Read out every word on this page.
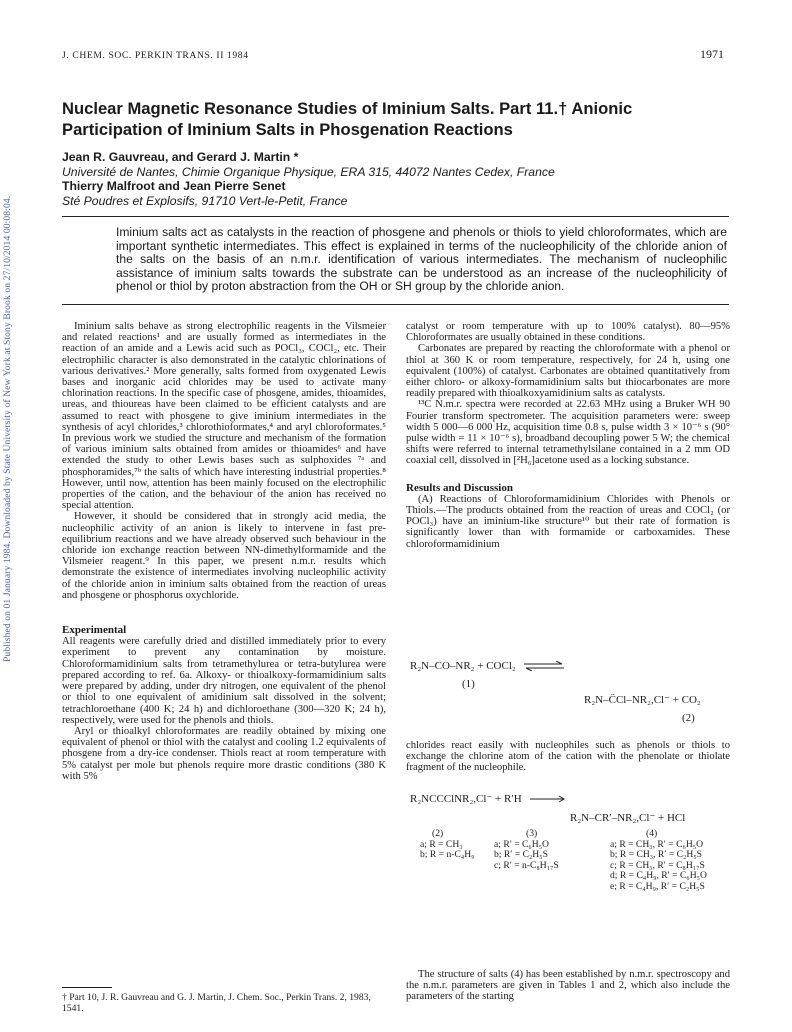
Published on 01 January 1984. Downloaded by State University of New York at Stony Brook on 27/10/2014 00:08:04.
J. CHEM. SOC. PERKIN TRANS. II 1984	1971
Nuclear Magnetic Resonance Studies of Iminium Salts. Part 11.† Anionic
Participation of Iminium Salts in Phosgenation Reactions
Jean R. Gauvreau, and Gerard J. Martin *
Université de Nantes, Chimie Organique Physique, ERA 315, 44072 Nantes Cedex, France
Thierry Malfroot and Jean Pierre Senet
Sté Poudres et Explosifs, 91710 Vert-le-Petit, France
Iminium salts act as catalysts in the reaction of phosgene and phenols or thiols to yield chloroformates, which are important synthetic intermediates. This effect is explained in terms of the nucleophilicity of the chloride anion of the salts on the basis of an n.m.r. identification of various intermediates. The mechanism of nucleophilic assistance of iminium salts towards the substrate can be understood as an increase of the nucleophilicity of phenol or thiol by proton abstraction from the OH or SH group by the chloride anion.

Iminium salts behave as strong electrophilic reagents in the Vilsmeier and related reactions¹ and are usually formed as intermediates in the reaction of an amide and a Lewis acid such as POCl₃, COCl₂, etc. Their electrophilic character is also demonstrated in the catalytic chlorinations of various derivatives.² More generally, salts formed from oxygenated Lewis bases and inorganic acid chlorides may be used to activate many chlorination reactions. In the specific case of phosgene, amides, thioamides, ureas, and thioureas have been claimed to be efficient catalysts and are assumed to react with phosgene to give iminium intermediates in the synthesis of acyl chlorides,³ chlorothioformates,⁴ and aryl chloroformates.⁵ In previous work we studied the structure and mechanism of the formation of various iminium salts obtained from amides or thioamides⁶ and have extended the study to other Lewis bases such as sulphoxides ⁷ᵃ and phosphoramides,⁷ᵇ the salts of which have interesting industrial properties.⁸ However, until now, attention has been mainly focused on the electrophilic properties of the cation, and the behaviour of the anion has received no special attention.

However, it should be considered that in strongly acid media, the nucleophilic activity of an anion is likely to intervene in fast pre-equilibrium reactions and we have already observed such behaviour in the chloride ion exchange reaction between NN-dimethylformamide and the Vilsmeier reagent.⁹ In this paper, we present n.m.r. results which demonstrate the existence of intermediates involving nucleophilic activity of the chloride anion in iminium salts obtained from the reaction of ureas and phosgene or phosphorus oxychloride.

Experimental

All reagents were carefully dried and distilled immediately prior to every experiment to prevent any contamination by moisture. Chloroformamidinium salts from tetramethylurea or tetra-butylurea were prepared according to ref. 6a. Alkoxy- or thioalkoxy-formamidinium salts were prepared by adding, under dry nitrogen, one equivalent of the phenol or thiol to one equivalent of amidinium salt dissolved in the solvent; tetrachloroethane (400 K; 24 h) and dichloroethane (300—320 K; 24 h), respectively, were used for the phenols and thiols.

Aryl or thioalkyl chloroformates are readily obtained by mixing one equivalent of phenol or thiol with the catalyst and cooling 1.2 equivalents of phosgene from a dry-ice condenser. Thiols react at room temperature with 5% catalyst per mole but phenols require more drastic conditions (380 K with 5%

catalyst or room temperature with up to 100% catalyst). 80—95% Chloroformates are usually obtained in these conditions.

Carbonates are prepared by reacting the chloroformate with a phenol or thiol at 360 K or room temperature, respectively, for 24 h, using one equivalent (100%) of catalyst. Carbonates are obtained quantitatively from either chloro- or alkoxy-formamidinium salts but thiocarbonates are more readily prepared with thioalkoxyamidinium salts as catalysts.

¹³C N.m.r. spectra were recorded at 22.63 MHz using a Bruker WH 90 Fourier transform spectrometer. The acquisition parameters were: sweep width 5 000—6 000 Hz, acquisition time 0.8 s, pulse width 3 × 10⁻⁶ s (90° pulse width = 11 × 10⁻⁶ s), broadband decoupling power 5 W; the chemical shifts were referred to internal tetramethylsilane contained in a 2 mm OD coaxial cell, dissolved in [²H₆]acetone used as a locking substance.

Results and Discussion

(A) Reactions of Chloroformamidinium Chlorides with Phenols or Thiols.—The products obtained from the reaction of ureas and COCl₂ (or POCl₃) have an iminium-like structure¹⁰ but their rate of formation is significantly lower than with formamide or carboxamides. These chloroformamidinium

R₂N–CO–NR₂ + COCl₂ ⇌
(1)
R₂N–C̈Cl–NR₂,Cl⁻ + CO₂
(2)

chlorides react easily with nucleophiles such as phenols or thiols to exchange the chlorine atom of the cation with the phenolate or thiolate fragment of the nucleophile.

R₂NCCClNR₂,Cl⁻ + R′H →
R₂N–CR′–NR₂,Cl⁻ + HCl
(2)
a; R = CH₃
b; R = n-C₄H₉
(3)
a; R′ = C₆H₅O
b; R′ = C₂H₅S
c; R′ = n-C₈H₁₇S
(4)
a; R = CH₃, R′ = C₆H₅O
b; R = CH₃, R′ = C₂H₅S
c; R = CH₃, R′ = C₈H₁₇S
d; R = C₄H₉, R′ = C₆H₅O
e; R = C₄H₉, R′ = C₂H₅S

The structure of salts (4) has been established by n.m.r. spectroscopy and the n.m.r. parameters are given in Tables 1 and 2, which also include the parameters of the starting

† Part 10, J. R. Gauvreau and G. J. Martin, J. Chem. Soc., Perkin Trans. 2, 1983, 1541.
